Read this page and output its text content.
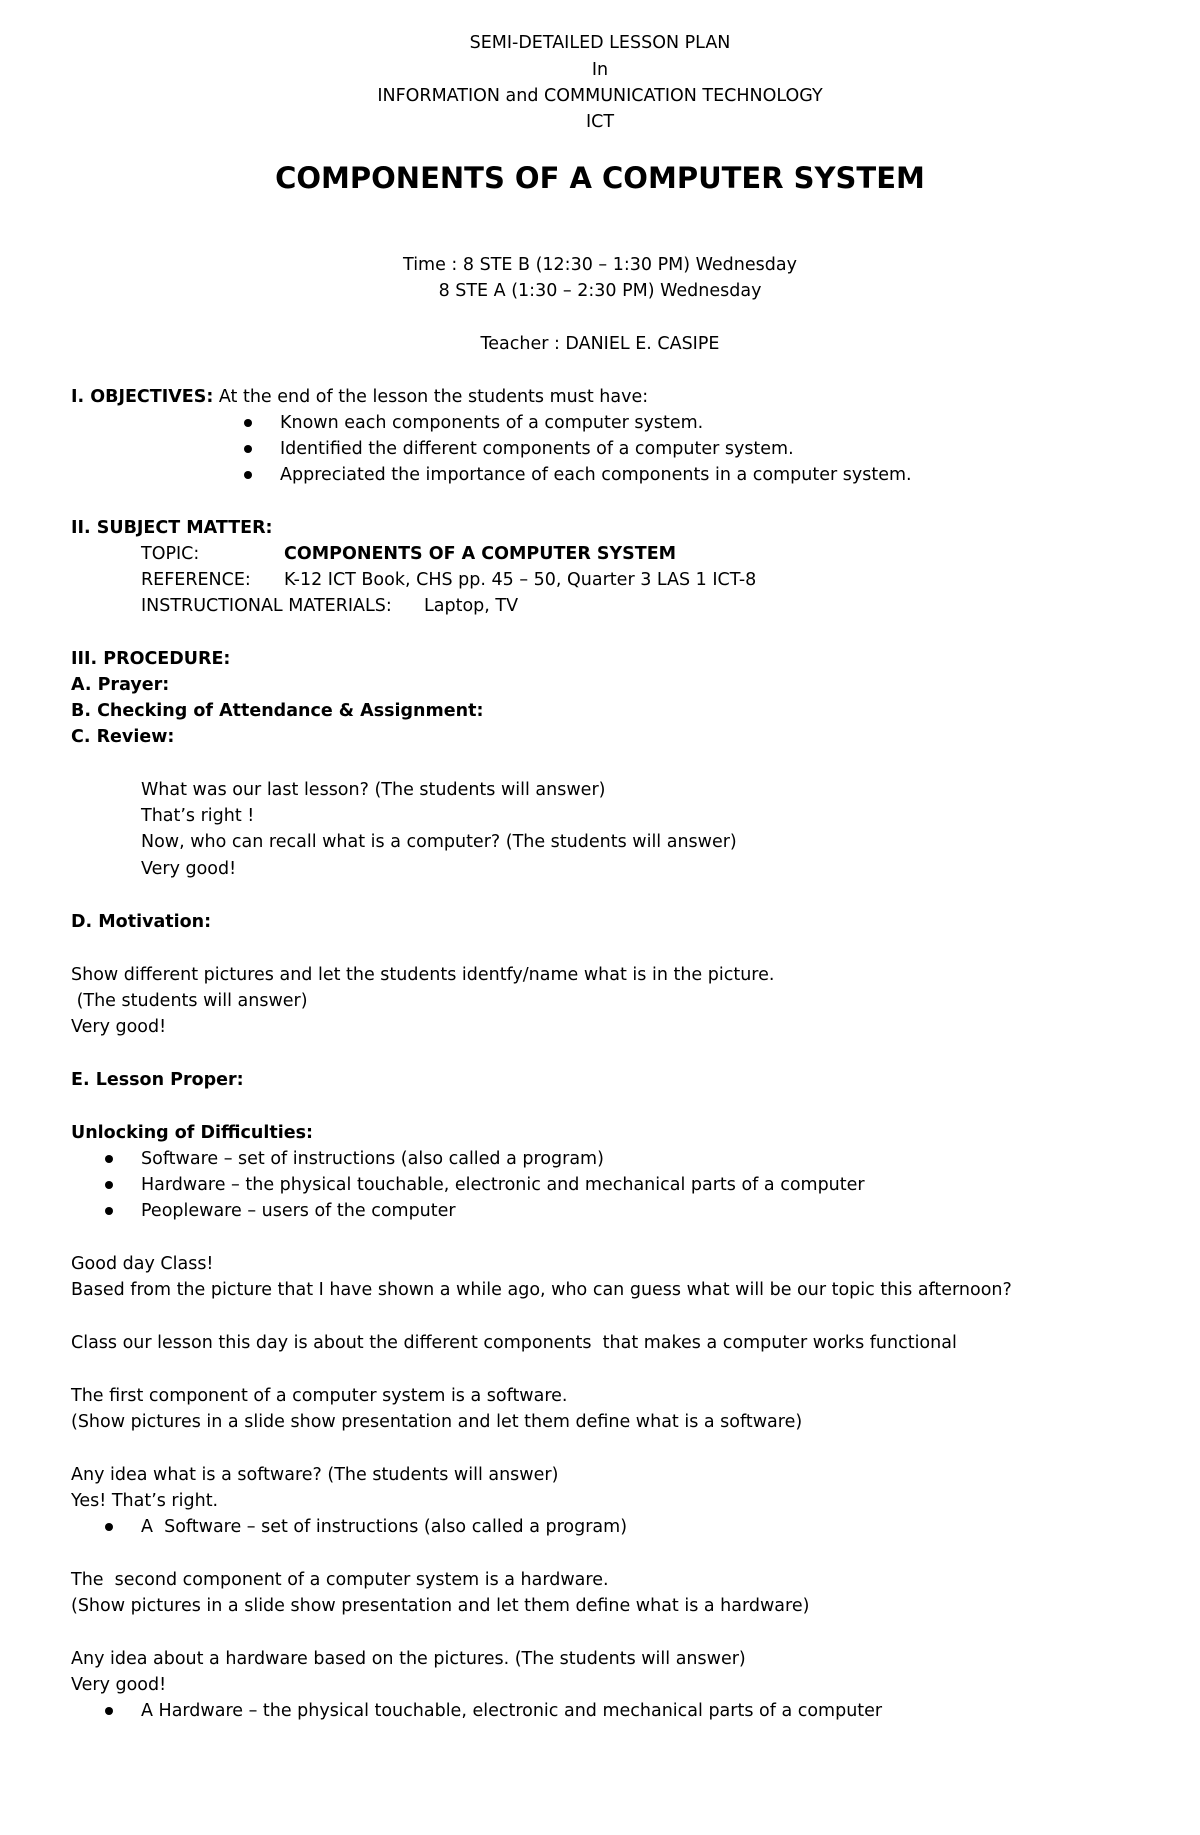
SEMI-DETAILED LESSON PLAN
In
INFORMATION and COMMUNICATION TECHNOLOGY
ICT
COMPONENTS OF A COMPUTER SYSTEM
Time : 8 STE B (12:30 – 1:30 PM) Wednesday
8 STE A (1:30 – 2:30 PM) Wednesday
Teacher : DANIEL E. CASIPE
I. OBJECTIVES: At the end of the lesson the students must have:
Known each components of a computer system.
Identified the different components of a computer system.
Appreciated the importance of each components in a computer system.
II. SUBJECT MATTER:
TOPIC:	COMPONENTS OF A COMPUTER SYSTEM
REFERENCE: K-12 ICT Book, CHS pp. 45 – 50, Quarter 3 LAS 1 ICT-8
INSTRUCTIONAL MATERIALS: Laptop, TV
III. PROCEDURE:
A. Prayer:
B. Checking of Attendance & Assignment:
C. Review:
What was our last lesson? (The students will answer)
That’s right !
Now, who can recall what is a computer? (The students will answer)
Very good!
D. Motivation:
Show different pictures and let the students identfy/name what is in the picture.
(The students will answer)
Very good!
E. Lesson Proper:
Unlocking of Difficulties:
Software – set of instructions (also called a program)
Hardware – the physical touchable, electronic and mechanical parts of a computer
Peopleware – users of the computer
Good day Class!
Based from the picture that I have shown a while ago, who can guess what will be our topic this afternoon?
Class our lesson this day is about the different components  that makes a computer works functional
The first component of a computer system is a software.
(Show pictures in a slide show presentation and let them define what is a software)
Any idea what is a software? (The students will answer)
Yes! That’s right.
A  Software – set of instructions (also called a program)
The  second component of a computer system is a hardware.
(Show pictures in a slide show presentation and let them define what is a hardware)
Any idea about a hardware based on the pictures. (The students will answer)
Very good!
A Hardware – the physical touchable, electronic and mechanical parts of a computer
